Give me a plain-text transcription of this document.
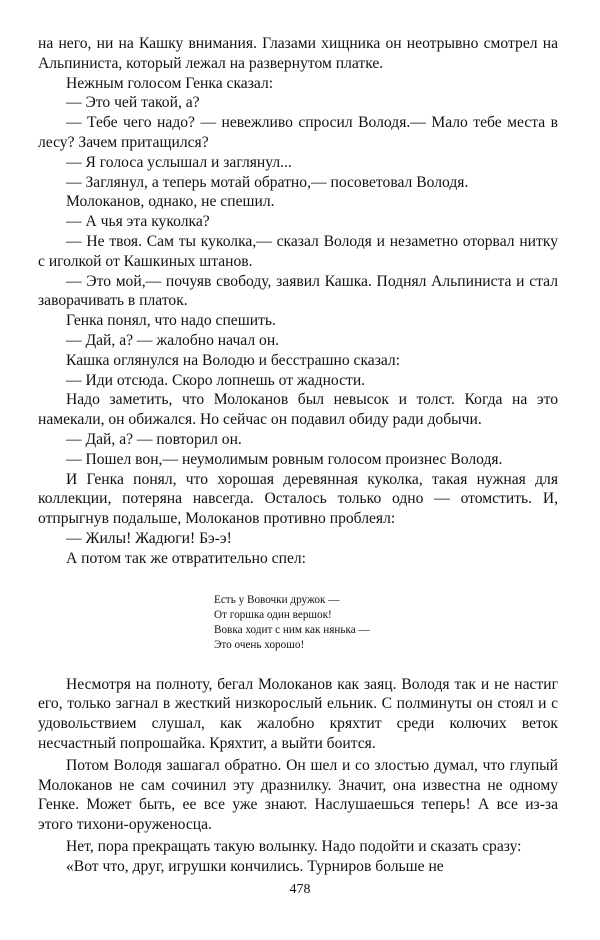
на него, ни на Кашку внимания. Глазами хищника он неотрывно смотрел на Альпиниста, который лежал на развернутом платке.

Нежным голосом Генка сказал:

— Это чей такой, а?

— Тебе чего надо? — невежливо спросил Володя.— Мало тебе места в лесу? Зачем притащился?

— Я голоса услышал и заглянул...

— Заглянул, а теперь мотай обратно,— посоветовал Володя.

Молоканов, однако, не спешил.

— А чья эта куколка?

— Не твоя. Сам ты куколка,— сказал Володя и незаметно оторвал нитку с иголкой от Кашкиных штанов.

— Это мой,— почуяв свободу, заявил Кашка. Поднял Альпиниста и стал заворачивать в платок.

Генка понял, что надо спешить.

— Дай, а? — жалобно начал он.

Кашка оглянулся на Володю и бесстрашно сказал:

— Иди отсюда. Скоро лопнешь от жадности.

Надо заметить, что Молоканов был невысок и толст. Когда на это намекали, он обижался. Но сейчас он подавил обиду ради добычи.

— Дай, а? — повторил он.

— Пошел вон,— неумолимым ровным голосом произнес Володя.

И Генка понял, что хорошая деревянная куколка, такая нужная для коллекции, потеряна навсегда. Осталось только одно — отомстить. И, отпрыгнув подальше, Молоканов противно проблеял:

— Жилы! Жадюги! Бэ-э!

А потом так же отвратительно спел:

Есть у Вовочки дружок —
От горшка один вершок!
Вовка ходит с ним как нянька —
Это очень хорошо!

Несмотря на полноту, бегал Молоканов как заяц. Володя так и не настиг его, только загнал в жесткий низкорослый ельник. С полминуты он стоял и с удовольствием слушал, как жалобно кряхтит среди колючих веток несчастный попрошайка. Кряхтит, а выйти боится.

Потом Володя зашагал обратно. Он шел и со злостью думал, что глупый Молоканов не сам сочинил эту дразнилку. Значит, она известна не одному Генке. Может быть, ее все уже знают. Наслушаешься теперь! А все из-за этого тихони-оруженосца.

Нет, пора прекращать такую волынку. Надо подойти и сказать сразу:

«Вот что, друг, игрушки кончились. Турниров больше не

478
